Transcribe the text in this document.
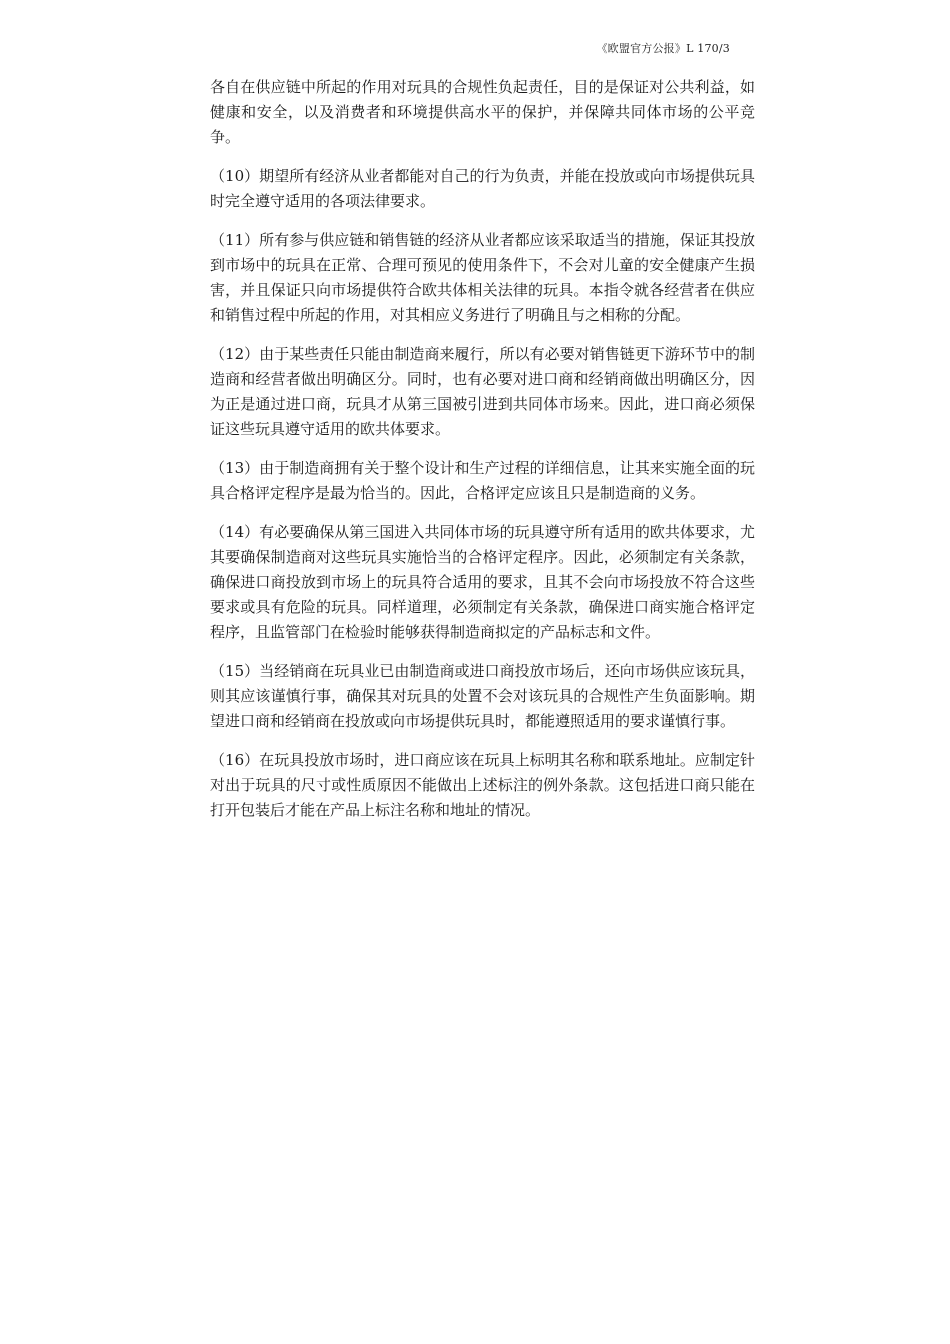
《欧盟官方公报》L 170/3

各自在供应链中所起的作用对玩具的合规性负起责任，目的是保证对公共利益，如健康和安全，以及消费者和环境提供高水平的保护，并保障共同体市场的公平竞争。

（10）期望所有经济从业者都能对自己的行为负责，并能在投放或向市场提供玩具时完全遵守适用的各项法律要求。

（11）所有参与供应链和销售链的经济从业者都应该采取适当的措施，保证其投放到市场中的玩具在正常、合理可预见的使用条件下，不会对儿童的安全健康产生损害，并且保证只向市场提供符合欧共体相关法律的玩具。本指令就各经营者在供应和销售过程中所起的作用，对其相应义务进行了明确且与之相称的分配。

（12）由于某些责任只能由制造商来履行，所以有必要对销售链更下游环节中的制造商和经营者做出明确区分。同时，也有必要对进口商和经销商做出明确区分，因为正是通过进口商，玩具才从第三国被引进到共同体市场来。因此，进口商必须保证这些玩具遵守适用的欧共体要求。

（13）由于制造商拥有关于整个设计和生产过程的详细信息，让其来实施全面的玩具合格评定程序是最为恰当的。因此，合格评定应该且只是制造商的义务。

（14）有必要确保从第三国进入共同体市场的玩具遵守所有适用的欧共体要求，尤其要确保制造商对这些玩具实施恰当的合格评定程序。因此，必须制定有关条款，确保进口商投放到市场上的玩具符合适用的要求，且其不会向市场投放不符合这些要求或具有危险的玩具。同样道理，必须制定有关条款，确保进口商实施合格评定程序，且监管部门在检验时能够获得制造商拟定的产品标志和文件。

（15）当经销商在玩具业已由制造商或进口商投放市场后，还向市场供应该玩具，则其应该谨慎行事，确保其对玩具的处置不会对该玩具的合规性产生负面影响。期望进口商和经销商在投放或向市场提供玩具时，都能遵照适用的要求谨慎行事。

（16）在玩具投放市场时，进口商应该在玩具上标明其名称和联系地址。应制定针对出于玩具的尺寸或性质原因不能做出上述标注的例外条款。这包括进口商只能在打开包装后才能在产品上标注名称和地址的情况。
